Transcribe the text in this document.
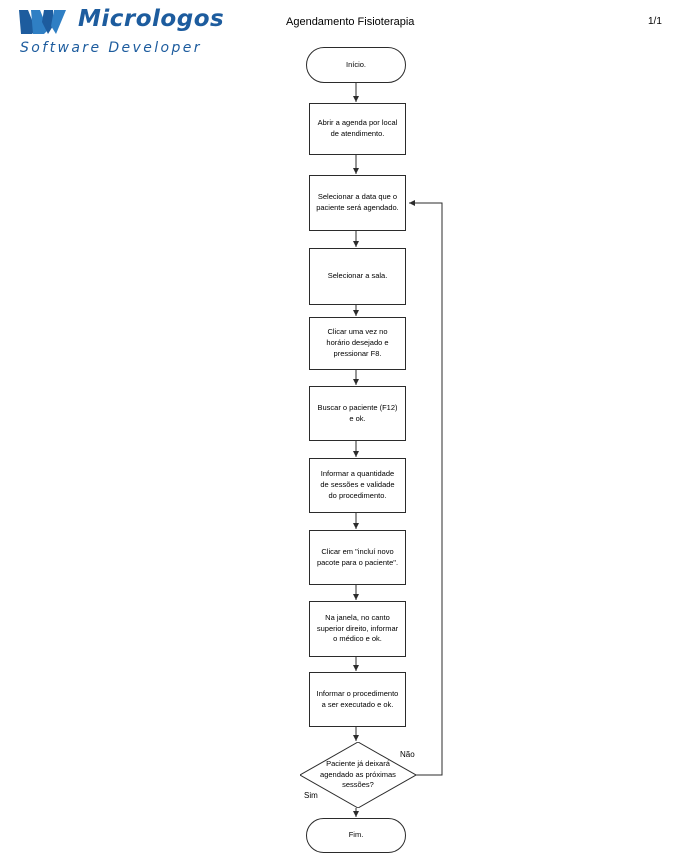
Micrologos
Software Developer
Agendamento Fisioterapia	1/1
Início.
Abrir a agenda por local de atendimento.
Selecionar a data que o paciente será agendado.
Selecionar a sala.
Clicar uma vez no horário desejado e pressionar F8.
Buscar o paciente (F12) e ok.
Informar a quantidade de sessões e validade do procedimento.
Clicar em "incluí novo pacote para o paciente".
Na janela, no canto superior direito, informar o médico e ok.
Informar o procedimento a ser executado e ok.
Paciente já deixará agendado as próximas sessões?
Fim.
Não
Sim
